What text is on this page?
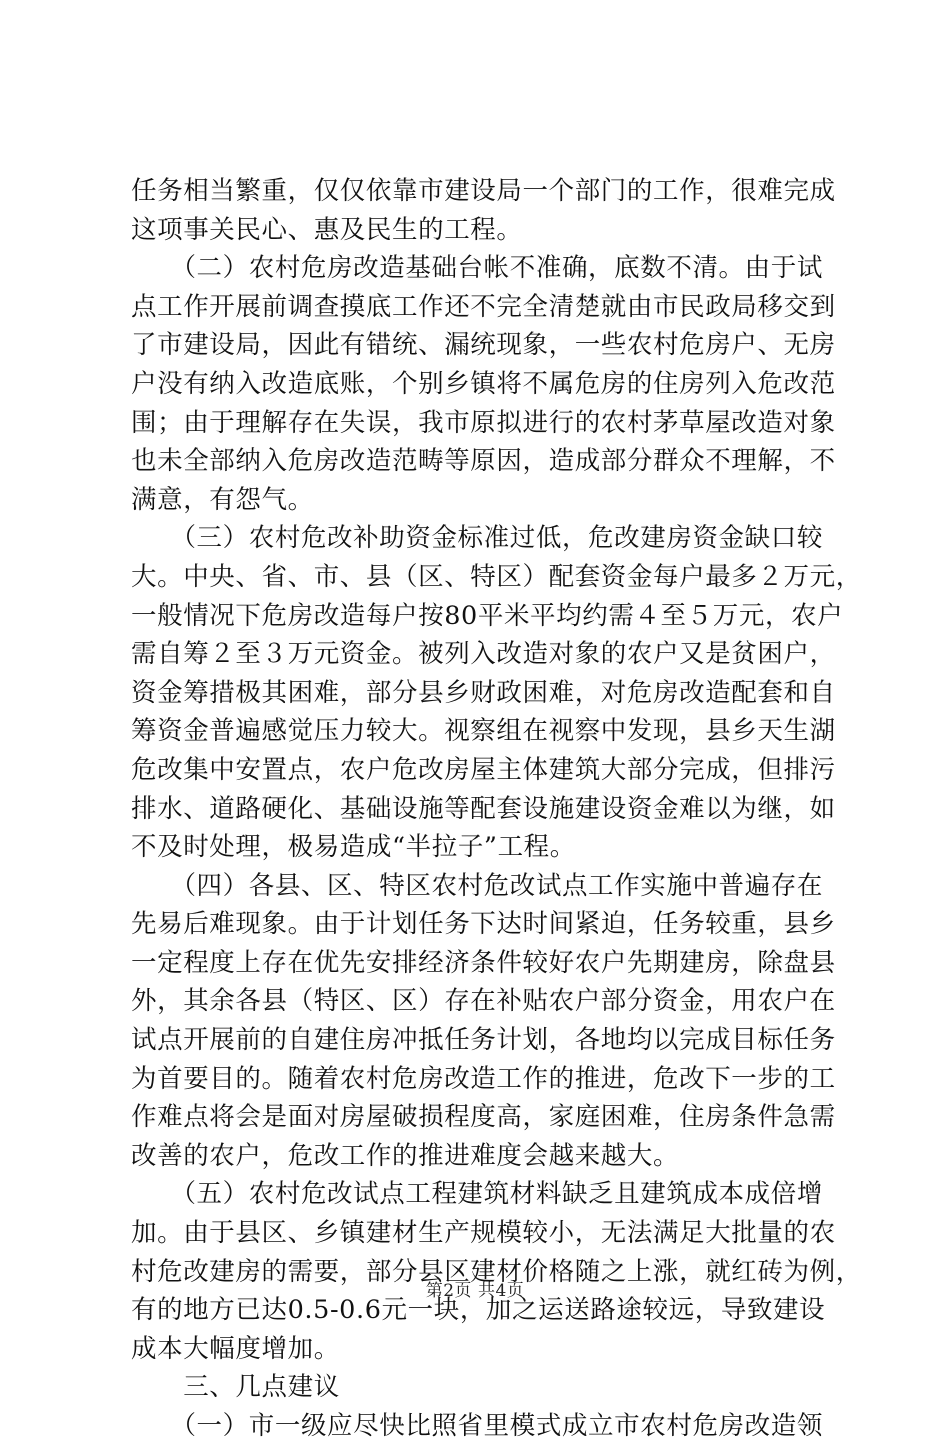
任务相当繁重，仅仅依靠市建设局一个部门的工作，很难完成
这项事关民心、惠及民生的工程。
　　（二）农村危房改造基础台帐不准确，底数不清。由于试
点工作开展前调查摸底工作还不完全清楚就由市民政局移交到
了市建设局，因此有错统、漏统现象，一些农村危房户、无房
户没有纳入改造底账，个别乡镇将不属危房的住房列入危改范
围；由于理解存在失误，我市原拟进行的农村茅草屋改造对象
也未全部纳入危房改造范畴等原因，造成部分群众不理解，不
满意，有怨气。
　　（三）农村危改补助资金标准过低，危改建房资金缺口较
大。中央、省、市、县（区、特区）配套资金每户最多２万元，
一般情况下危房改造每户按80平米平均约需４至５万元，农户
需自筹２至３万元资金。被列入改造对象的农户又是贫困户，
资金筹措极其困难，部分县乡财政困难，对危房改造配套和自
筹资金普遍感觉压力较大。视察组在视察中发现，县乡天生湖
危改集中安置点，农户危改房屋主体建筑大部分完成，但排污
排水、道路硬化、基础设施等配套设施建设资金难以为继，如
不及时处理，极易造成“半拉子”工程。
　　（四）各县、区、特区农村危改试点工作实施中普遍存在
先易后难现象。由于计划任务下达时间紧迫，任务较重，县乡
一定程度上存在优先安排经济条件较好农户先期建房，除盘县
外，其余各县（特区、区）存在补贴农户部分资金，用农户在
试点开展前的自建住房冲抵任务计划，各地均以完成目标任务
为首要目的。随着农村危房改造工作的推进，危改下一步的工
作难点将会是面对房屋破损程度高，家庭困难，住房条件急需
改善的农户，危改工作的推进难度会越来越大。
　　（五）农村危改试点工程建筑材料缺乏且建筑成本成倍增
加。由于县区、乡镇建材生产规模较小，无法满足大批量的农
村危改建房的需要，部分县区建材价格随之上涨，就红砖为例，
有的地方已达0.5-0.6元一块，加之运送路途较远，导致建设
成本大幅度增加。
　　三、几点建议
　　（一）市一级应尽快比照省里模式成立市农村危房改造领
第2页 共4页
